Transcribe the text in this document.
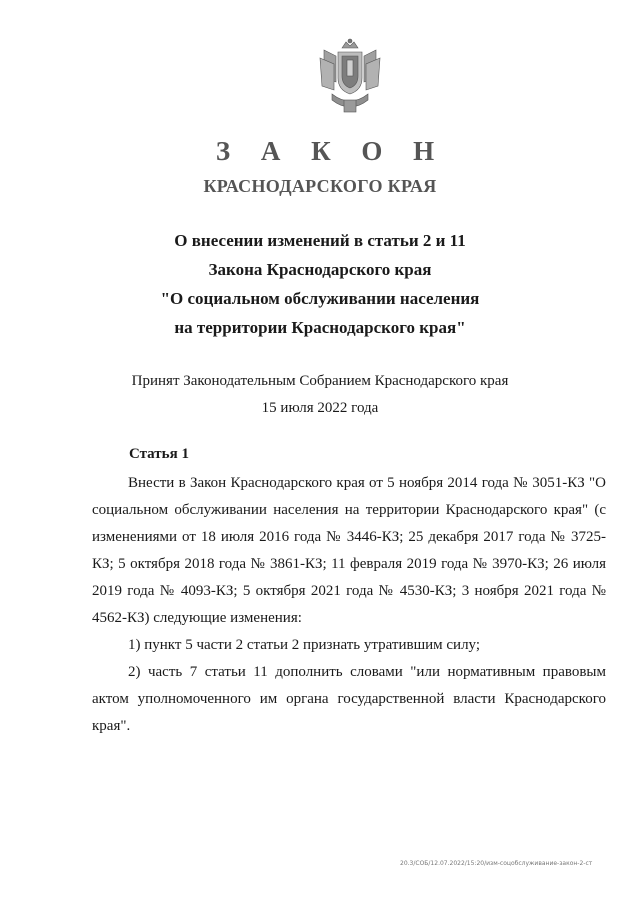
З А К О Н
КРАСНОДАРСКОГО КРАЯ
О внесении изменений в статьи 2 и 11
Закона Краснодарского края
"О социальном обслуживании населения
на территории Краснодарского края"
Принят Законодательным Собранием Краснодарского края
15 июля 2022 года
Статья 1

Внести в Закон Краснодарского края от 5 ноября 2014 года № 3051-КЗ "О социальном обслуживании населения на территории Краснодарского края" (с изменениями от 18 июля 2016 года № 3446-КЗ; 25 декабря 2017 года № 3725-КЗ; 5 октября 2018 года № 3861-КЗ; 11 февраля 2019 года № 3970-КЗ; 26 июля 2019 года № 4093-КЗ; 5 октября 2021 года № 4530-КЗ; 3 ноября 2021 года № 4562-КЗ) следующие изменения:

1) пункт 5 части 2 статьи 2 признать утратившим силу;

2) часть 7 статьи 11 дополнить словами "или нормативным правовым актом уполномоченного им органа государственной власти Краснодарского края".

20.3/СОБ/12.07.2022/15:20/изм-соцобслуживание-закон-2-ст
